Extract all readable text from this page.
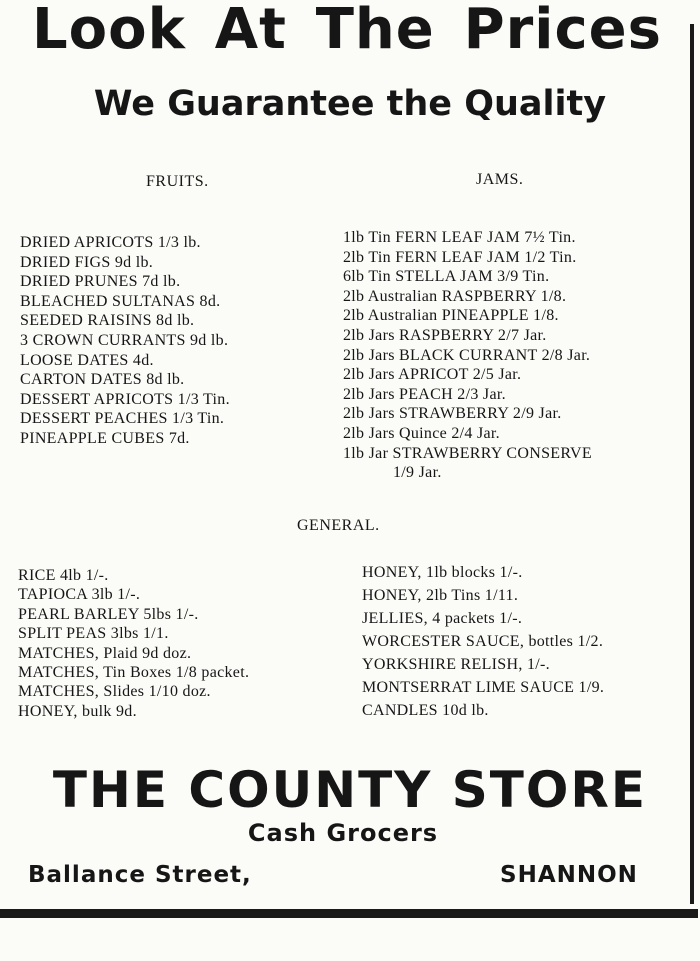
Look At The Prices
We Guarantee the Quality
FRUITS.	JAMS.
DRIED APRICOTS 1/3 lb.
DRIED FIGS 9d lb.
DRIED PRUNES 7d lb.
BLEACHED SULTANAS 8d.
SEEDED RAISINS 8d lb.
3 CROWN CURRANTS 9d lb.
LOOSE DATES 4d.
CARTON DATES 8d lb.
DESSERT APRICOTS 1/3 Tin.
DESSERT PEACHES 1/3 Tin.
PINEAPPLE CUBES 7d.
1lb Tin FERN LEAF JAM 7½ Tin.
2lb Tin FERN LEAF JAM 1/2 Tin.
6lb Tin STELLA JAM 3/9 Tin.
2lb Australian RASPBERRY 1/8.
2lb Australian PINEAPPLE 1/8.
2lb Jars RASPBERRY 2/7 Jar.
2lb Jars BLACK CURRANT 2/8 Jar.
2lb Jars APRICOT 2/5 Jar.
2lb Jars PEACH 2/3 Jar.
2lb Jars STRAWBERRY 2/9 Jar.
2lb Jars Quince 2/4 Jar.
1lb Jar STRAWBERRY CONSERVE
1/9 Jar.
GENERAL.
RICE 4lb 1/-.
TAPIOCA 3lb 1/-.
PEARL BARLEY 5lbs 1/-.
SPLIT PEAS 3lbs 1/1.
MATCHES, Plaid 9d doz.
MATCHES, Tin Boxes 1/8 packet.
MATCHES, Slides 1/10 doz.
HONEY, bulk 9d.
HONEY, 1lb blocks 1/-.
HONEY, 2lb Tins 1/11.
JELLIES, 4 packets 1/-.
WORCESTER SAUCE, bottles 1/2.
YORKSHIRE RELISH, 1/-.
MONTSERRAT LIME SAUCE 1/9.
CANDLES 10d lb.
THE COUNTY STORE
Cash Grocers
Ballance Street,	SHANNON
